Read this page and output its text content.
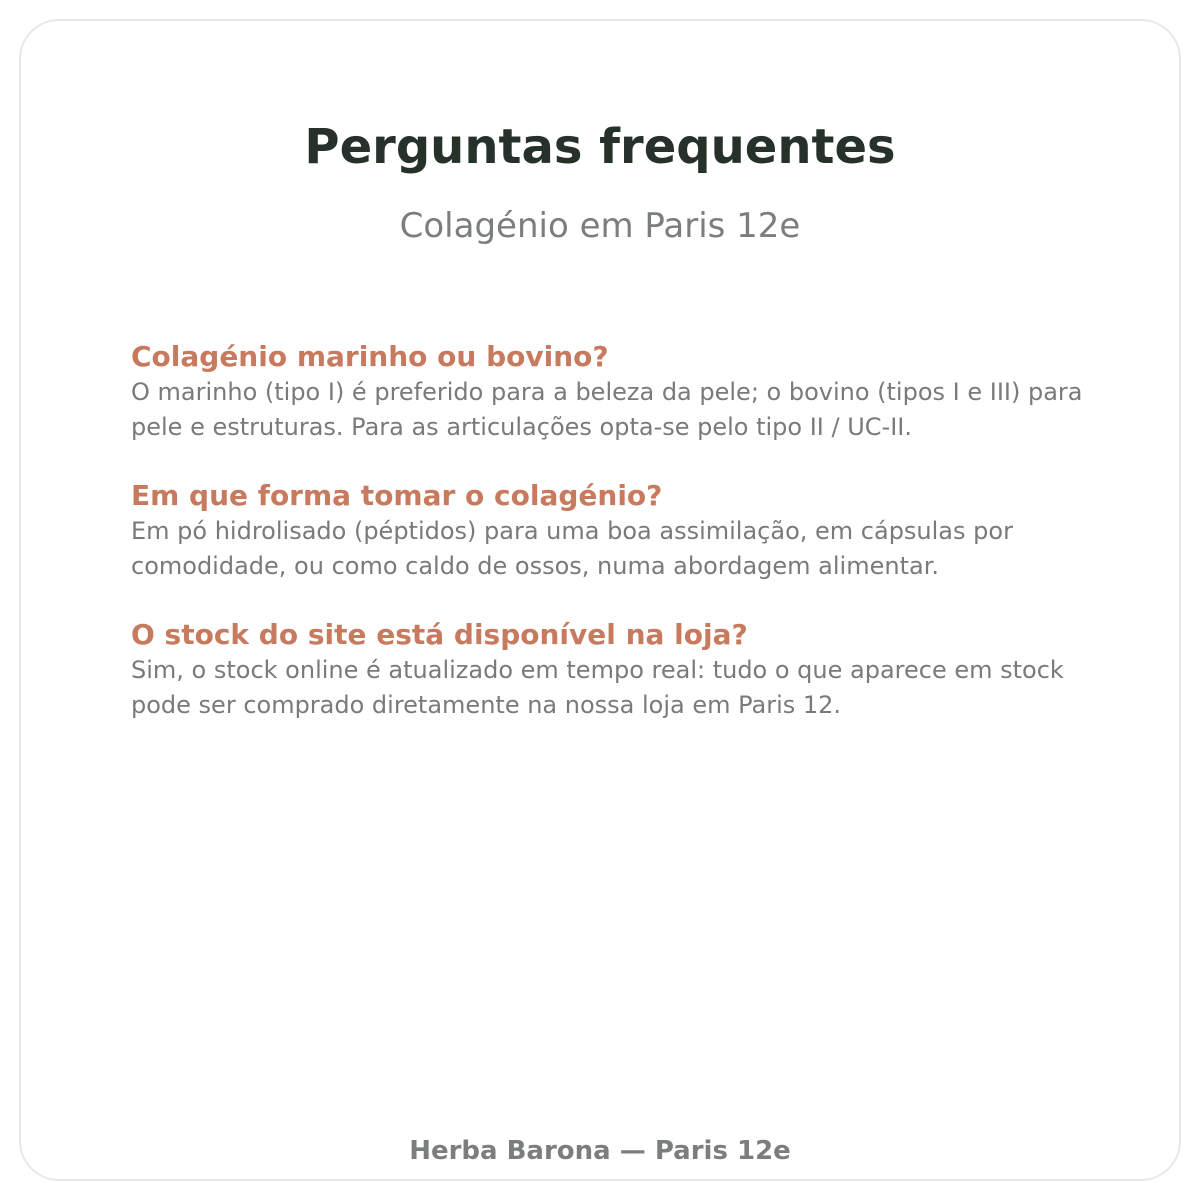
Perguntas frequentes

Colagénio em Paris 12e

Colagénio marinho ou bovino?

O marinho (tipo I) é preferido para a beleza da pele; o bovino (tipos I e III) para pele e estruturas. Para as articulações opta-se pelo tipo II / UC-II.

Em que forma tomar o colagénio?

Em pó hidrolisado (péptidos) para uma boa assimilação, em cápsulas por comodidade, ou como caldo de ossos, numa abordagem alimentar.

O stock do site está disponível na loja?

Sim, o stock online é atualizado em tempo real: tudo o que aparece em stock pode ser comprado diretamente na nossa loja em Paris 12.

Herba Barona — Paris 12e
